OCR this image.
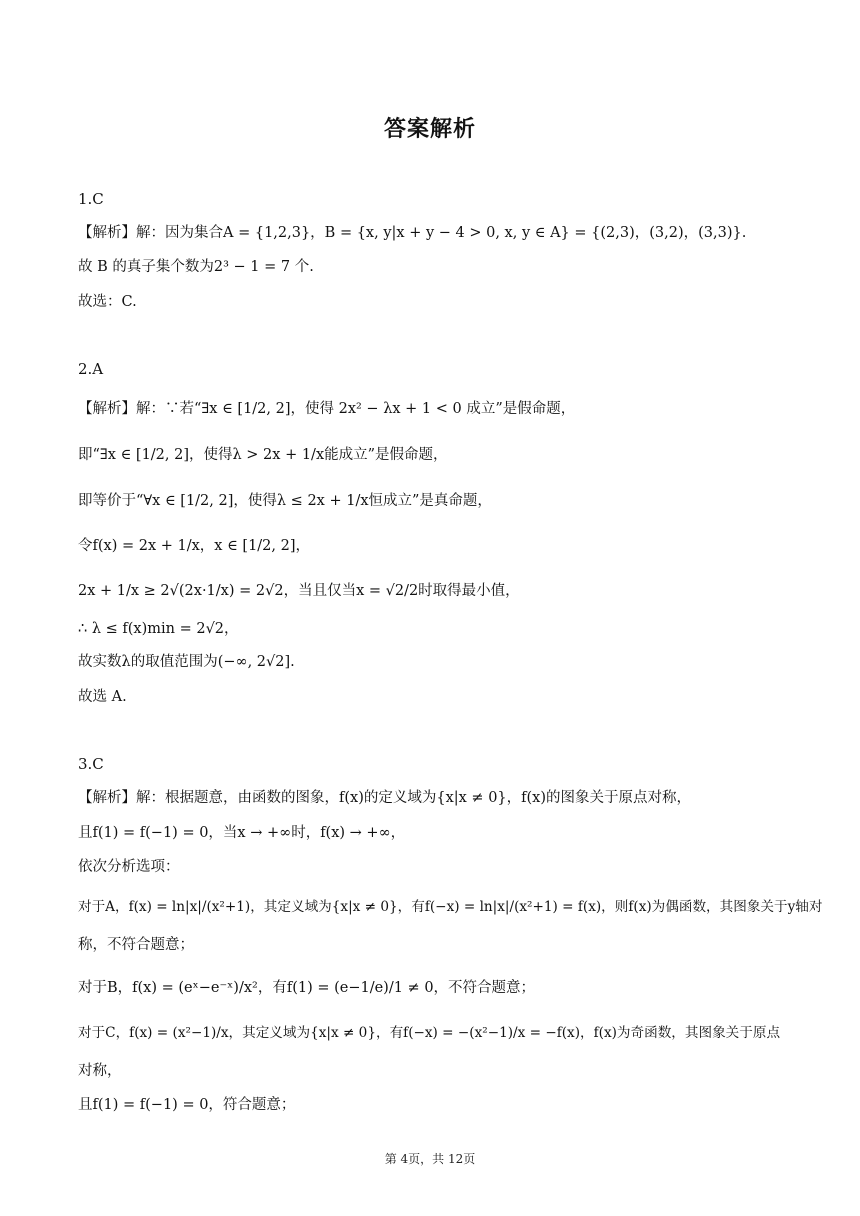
答案解析
1.C
【解析】解：因为集合A = {1,2,3}，B = {x, y|x + y − 4 > 0, x, y ∈ A} = {(2,3)，(3,2)，(3,3)}.
故 B 的真子集个数为2³ − 1 = 7 个.
故选：C.
2.A
【解析】解：∵若“∃x ∈ [1/2, 2]，使得 2x² − λx + 1 < 0 成立”是假命题，
即“∃x ∈ [1/2, 2]，使得λ > 2x + 1/x能成立”是假命题，
即等价于“∀x ∈ [1/2, 2]，使得λ ≤ 2x + 1/x恒成立”是真命题，
令f(x) = 2x + 1/x，x ∈ [1/2, 2]，
2x + 1/x ≥ 2√(2x·1/x) = 2√2，当且仅当x = √2/2时取得最小值，
∴ λ ≤ f(x)min = 2√2，
故实数λ的取值范围为(−∞, 2√2].
故选 A.
3.C
【解析】解：根据题意，由函数的图象，f(x)的定义域为{x|x ≠ 0}，f(x)的图象关于原点对称，
且f(1) = f(−1) = 0，当x → +∞时，f(x) → +∞，
依次分析选项：
对于A，f(x) = ln|x|/(x²+1)，其定义域为{x|x ≠ 0}，有f(−x) = ln|x|/(x²+1) = f(x)，则f(x)为偶函数，其图象关于y轴对
称，不符合题意；
对于B，f(x) = (eˣ−e⁻ˣ)/x²，有f(1) = (e−1/e)/1 ≠ 0，不符合题意；
对于C，f(x) = (x²−1)/x，其定义域为{x|x ≠ 0}，有f(−x) = −(x²−1)/x = −f(x)，f(x)为奇函数，其图象关于原点
对称，
且f(1) = f(−1) = 0，符合题意；
第 4页，共 12页
